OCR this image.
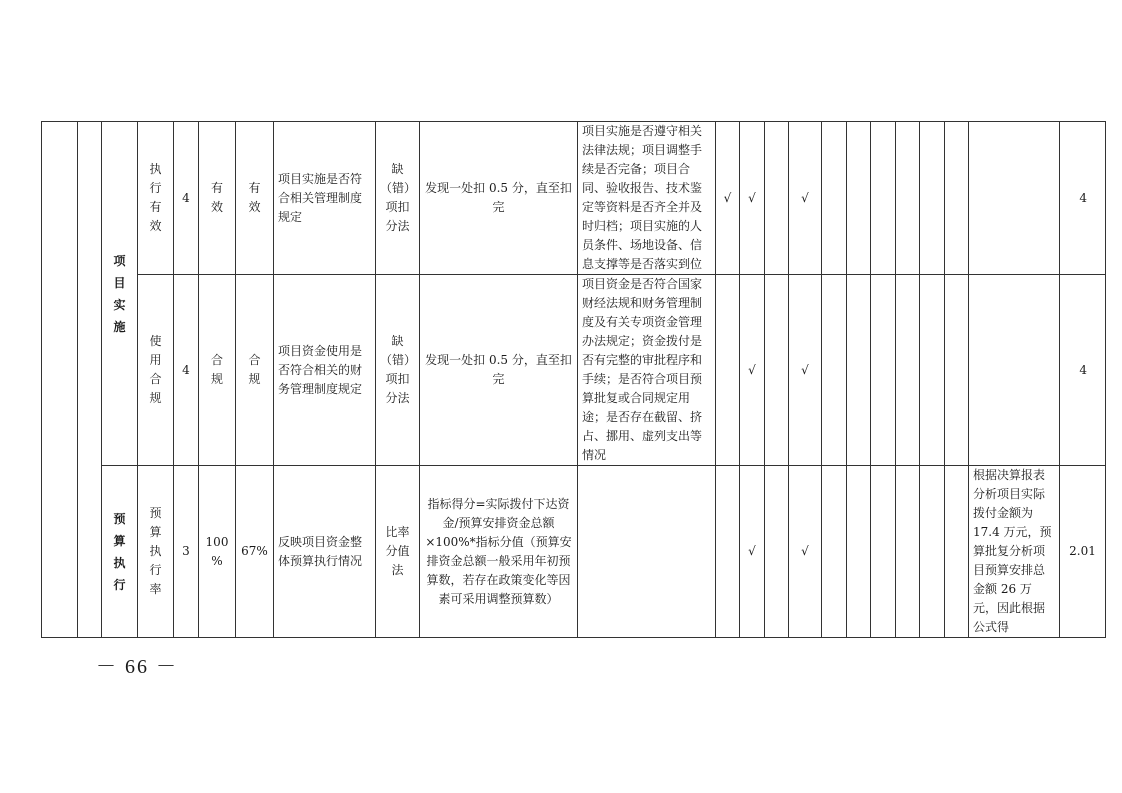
		项
目
实
施	执
行
有
效	4	有
效	有
效	项目实施是否符合相关管理制度规定	缺
（错）
项扣
分法	发现一处扣 0.5 分，直至扣完	项目实施是否遵守相关法律法规；项目调整手续是否完备；项目合同、验收报告、技术鉴定等资料是否齐全并及时归档；项目实施的人员条件、场地设备、信息支撑等是否落实到位	√	√		√								4
			使
用
合
规	4	合
规	合
规	项目资金使用是否符合相关的财务管理制度规定	缺
（错）
项扣
分法	发现一处扣 0.5 分，直至扣完	项目资金是否符合国家财经法规和财务管理制度及有关专项资金管理办法规定；资金拨付是否有完整的审批程序和手续；是否符合项目预算批复或合同规定用途；是否存在截留、挤占、挪用、虚列支出等情况		√		√								4
		预
算
执
行	预
算
执
行
率	3	100
%	67%	反映项目资金整体预算执行情况	比率
分值
法	指标得分=实际拨付下达资金/预算安排资金总额×100%*指标分值（预算安排资金总额一般采用年初预算数，若存在政策变化等因素可采用调整预算数）			√		√							根据决算报表分析项目实际拨付金额为 17.4 万元，预算批复分析项目预算安排总金额 26 万元，因此根据公式得	2.01
－ 66 －
